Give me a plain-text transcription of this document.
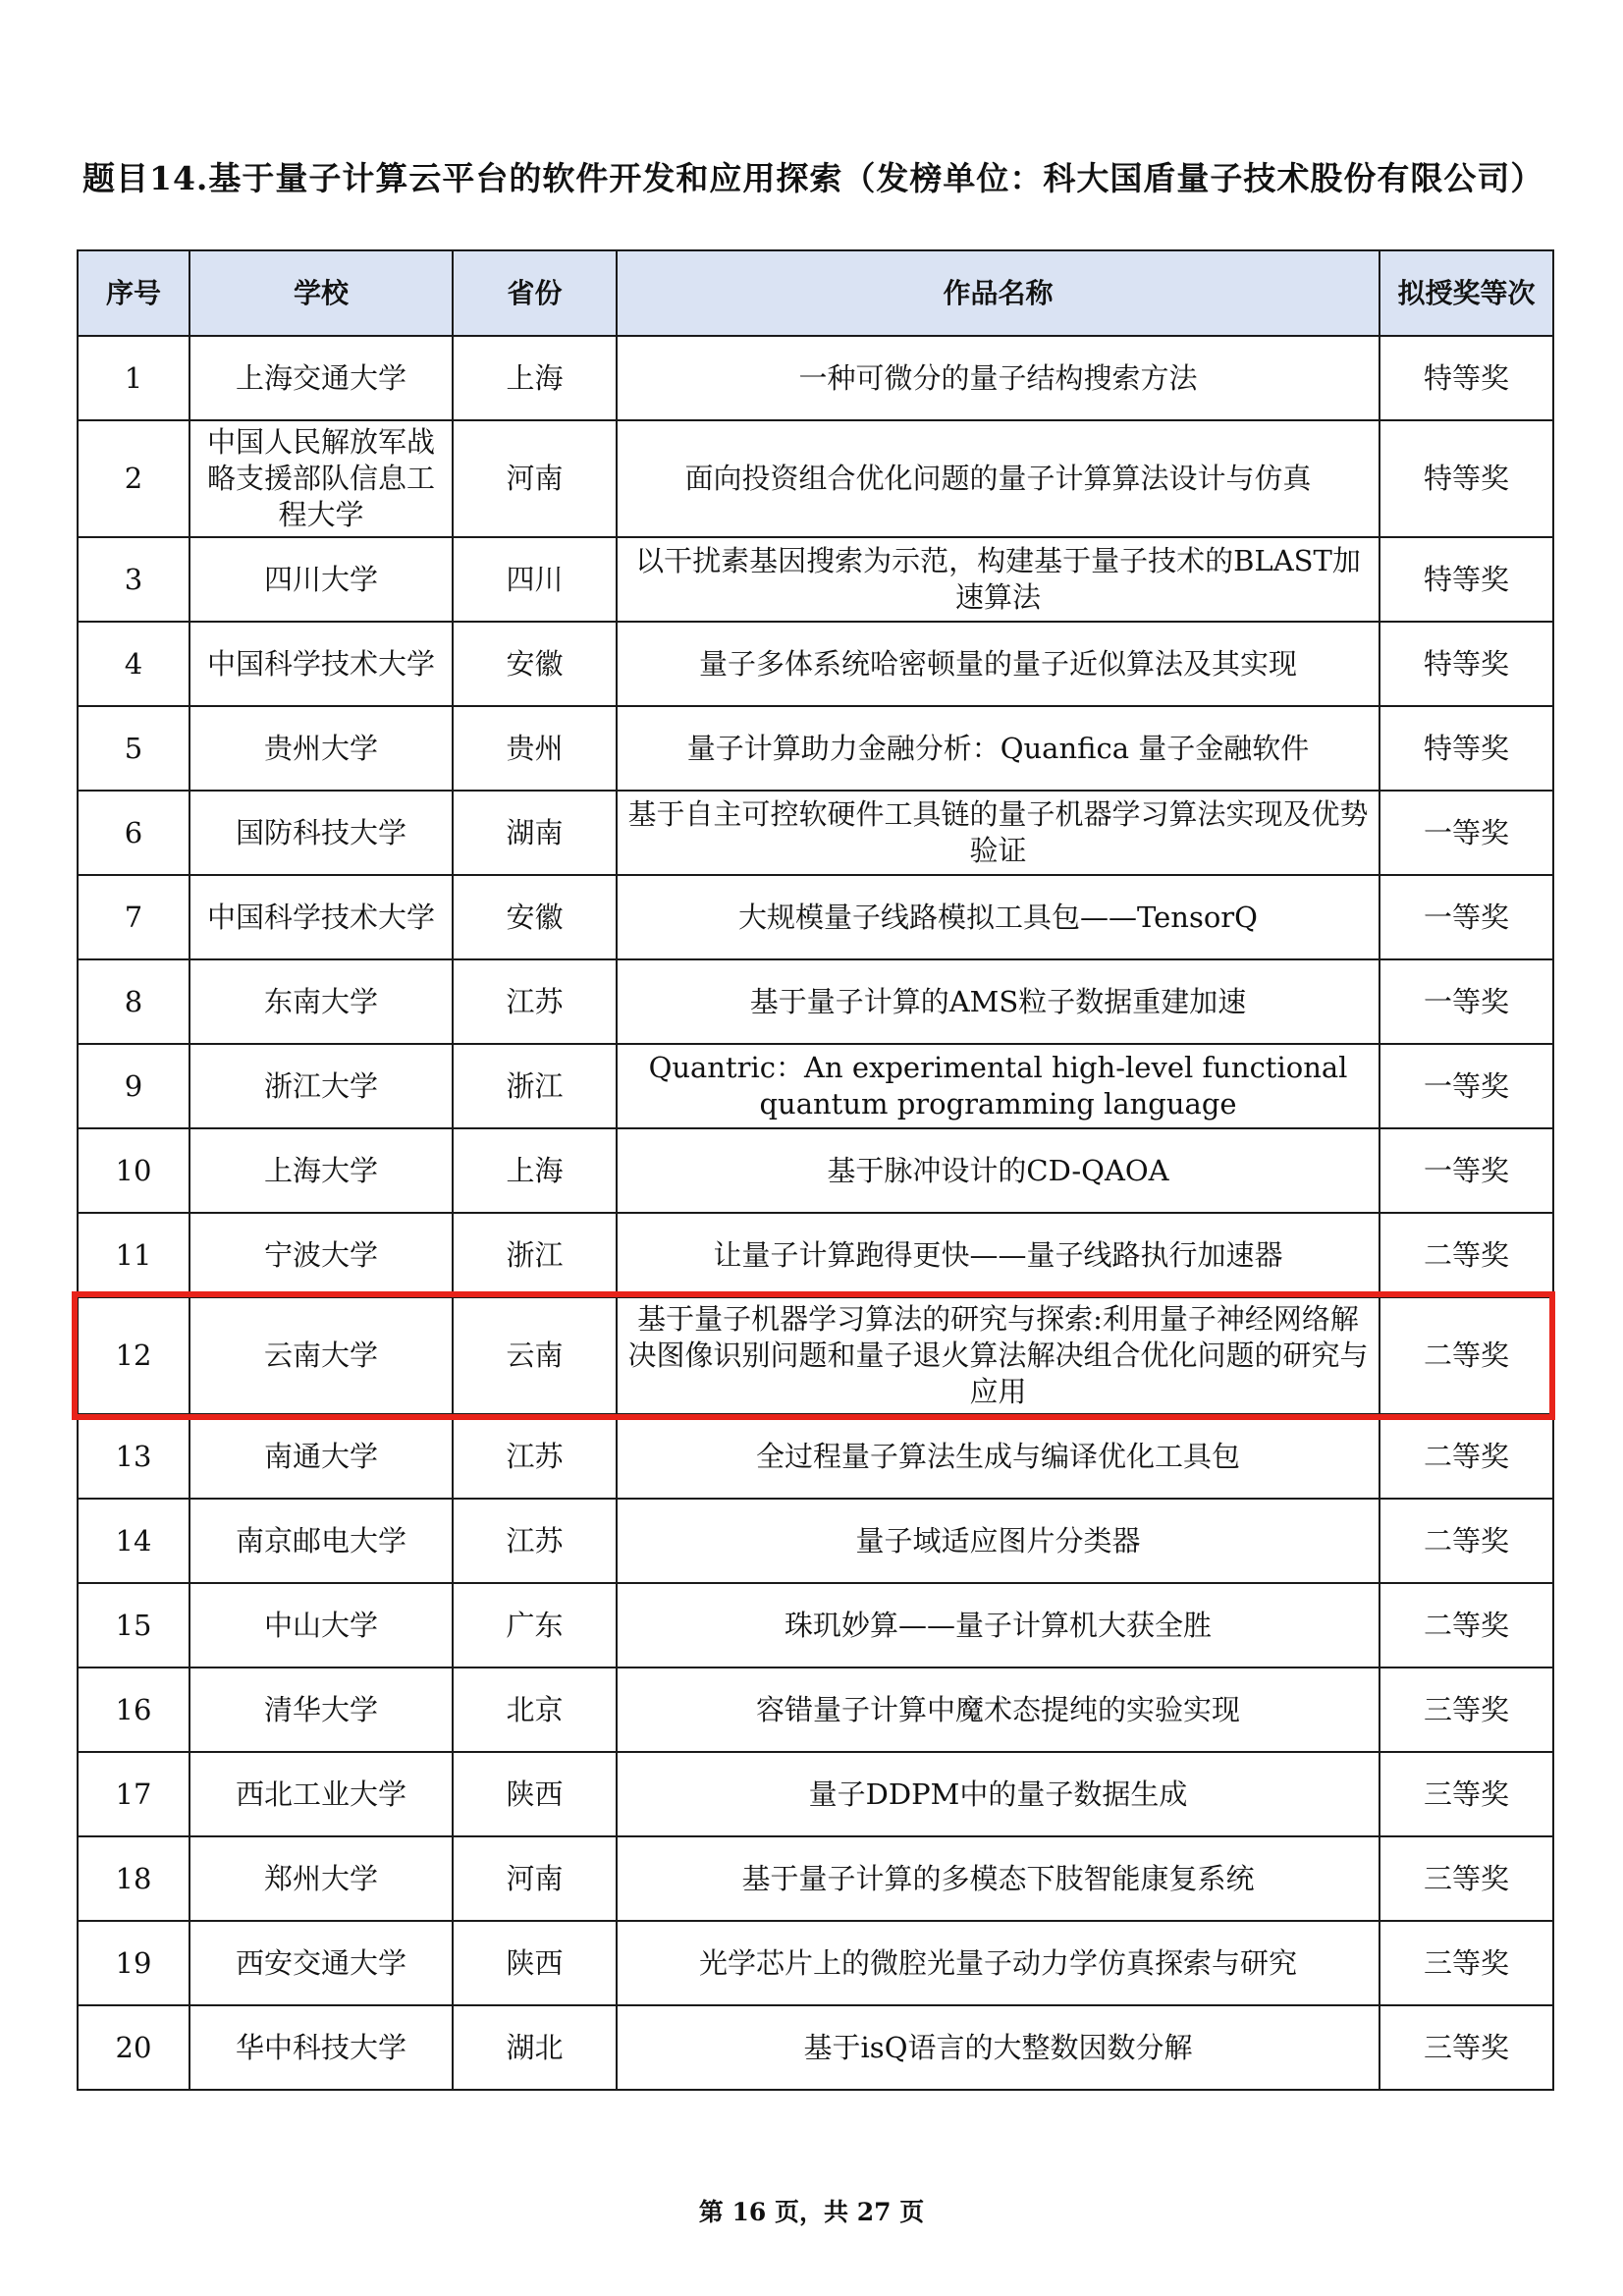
题目14.基于量子计算云平台的软件开发和应用探索（发榜单位：科大国盾量子技术股份有限公司）
序号	学校	省份	作品名称	拟授奖等次
1	上海交通大学	上海	一种可微分的量子结构搜索方法	特等奖
2	中国人民解放军战略支援部队信息工程大学	河南	面向投资组合优化问题的量子计算算法设计与仿真	特等奖
3	四川大学	四川	以干扰素基因搜索为示范，构建基于量子技术的BLAST加速算法	特等奖
4	中国科学技术大学	安徽	量子多体系统哈密顿量的量子近似算法及其实现	特等奖
5	贵州大学	贵州	量子计算助力金融分析：Quanfica 量子金融软件	特等奖
6	国防科技大学	湖南	基于自主可控软硬件工具链的量子机器学习算法实现及优势验证	一等奖
7	中国科学技术大学	安徽	大规模量子线路模拟工具包——TensorQ	一等奖
8	东南大学	江苏	基于量子计算的AMS粒子数据重建加速	一等奖
9	浙江大学	浙江	Quantric：An experimental high-level functional quantum programming language	一等奖
10	上海大学	上海	基于脉冲设计的CD-QAOA	一等奖
11	宁波大学	浙江	让量子计算跑得更快——量子线路执行加速器	二等奖
12	云南大学	云南	基于量子机器学习算法的研究与探索:利用量子神经网络解决图像识别问题和量子退火算法解决组合优化问题的研究与应用	二等奖
13	南通大学	江苏	全过程量子算法生成与编译优化工具包	二等奖
14	南京邮电大学	江苏	量子域适应图片分类器	二等奖
15	中山大学	广东	珠玑妙算——量子计算机大获全胜	二等奖
16	清华大学	北京	容错量子计算中魔术态提纯的实验实现	三等奖
17	西北工业大学	陕西	量子DDPM中的量子数据生成	三等奖
18	郑州大学	河南	基于量子计算的多模态下肢智能康复系统	三等奖
19	西安交通大学	陕西	光学芯片上的微腔光量子动力学仿真探索与研究	三等奖
20	华中科技大学	湖北	基于isQ语言的大整数因数分解	三等奖
第 16 页，共 27 页
